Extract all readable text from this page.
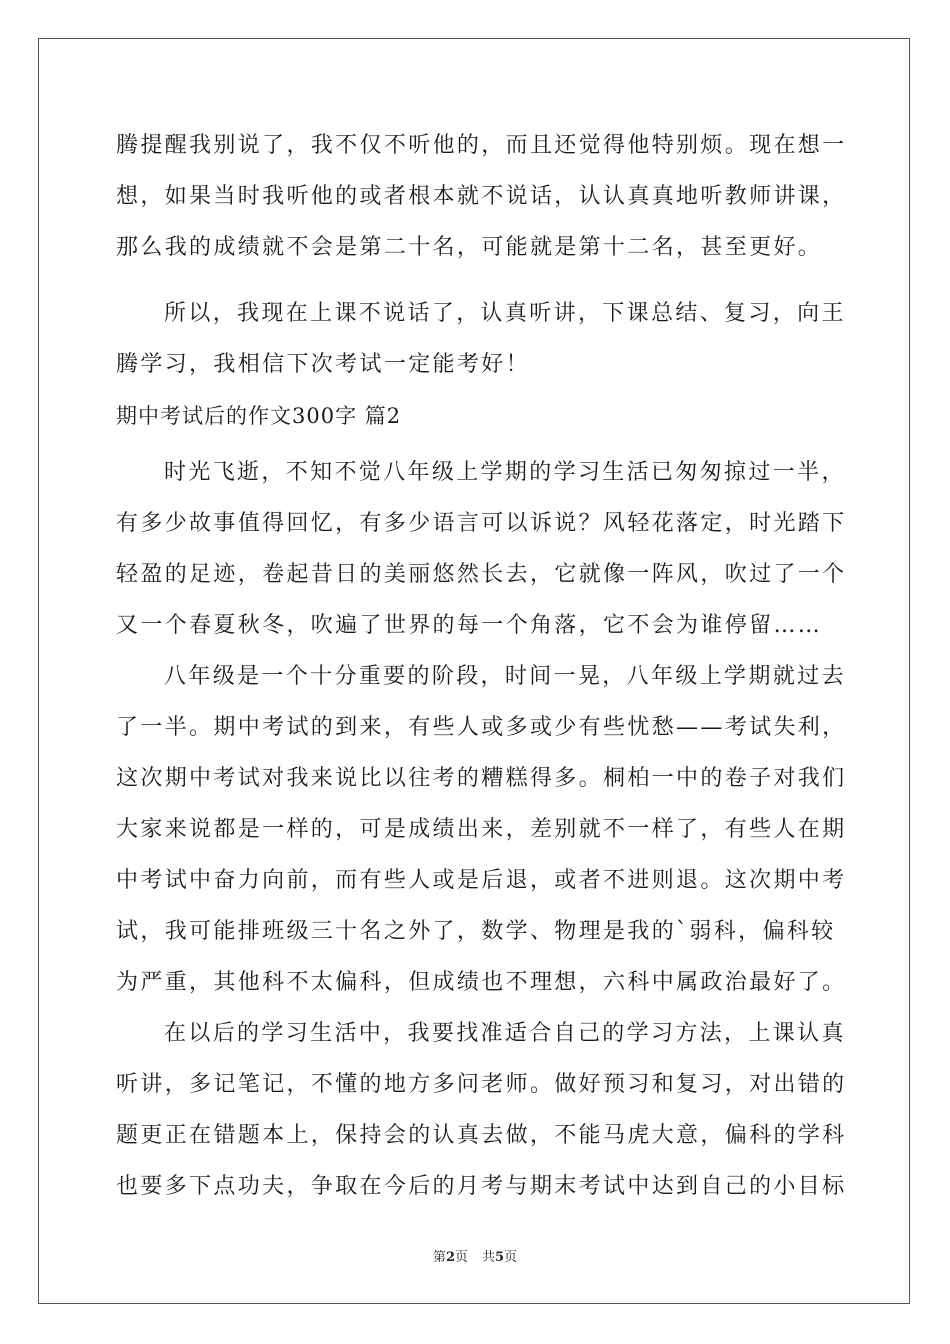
腾提醒我别说了，我不仅不听他的，而且还觉得他特别烦。现在想一
想，如果当时我听他的或者根本就不说话，认认真真地听教师讲课，
那么我的成绩就不会是第二十名，可能就是第十二名，甚至更好。
所以，我现在上课不说话了，认真听讲，下课总结、复习，向王
腾学习，我相信下次考试一定能考好！
期中考试后的作文300字 篇2
时光飞逝，不知不觉八年级上学期的学习生活已匆匆掠过一半，
有多少故事值得回忆，有多少语言可以诉说？风轻花落定，时光踏下
轻盈的足迹，卷起昔日的美丽悠然长去，它就像一阵风，吹过了一个
又一个春夏秋冬，吹遍了世界的每一个角落，它不会为谁停留……
八年级是一个十分重要的阶段，时间一晃，八年级上学期就过去
了一半。期中考试的到来，有些人或多或少有些忧愁——考试失利，
这次期中考试对我来说比以往考的糟糕得多。桐柏一中的卷子对我们
大家来说都是一样的，可是成绩出来，差别就不一样了，有些人在期
中考试中奋力向前，而有些人或是后退，或者不进则退。这次期中考
试，我可能排班级三十名之外了，数学、物理是我的`弱科，偏科较
为严重，其他科不太偏科，但成绩也不理想，六科中属政治最好了。
在以后的学习生活中，我要找准适合自己的学习方法，上课认真
听讲，多记笔记，不懂的地方多问老师。做好预习和复习，对出错的
题更正在错题本上，保持会的认真去做，不能马虎大意，偏科的学科
也要多下点功夫，争取在今后的月考与期末考试中达到自己的小目标
第2页 共5页
